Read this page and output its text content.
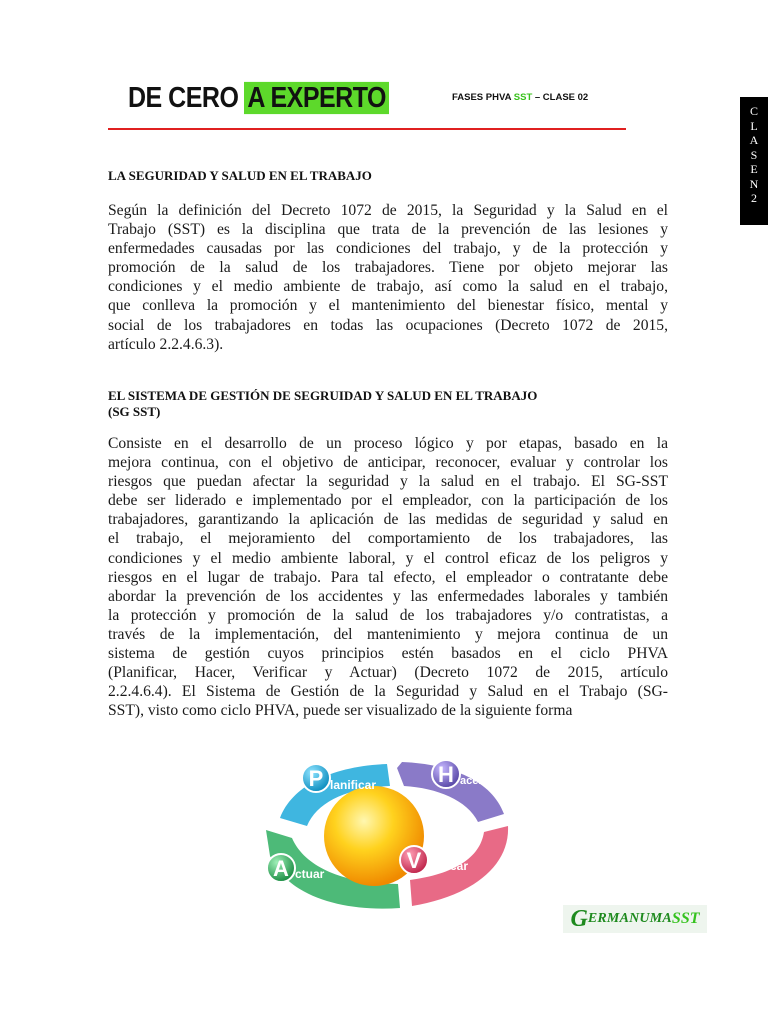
DE CERO A EXPERTO	FASES PHVA SST – CLASE 02
C
L
A
S
E
N
2
LA SEGURIDAD Y SALUD EN EL TRABAJO
Según la definición del Decreto 1072 de 2015, la Seguridad y la Salud en el
Trabajo (SST) es la disciplina que trata de la prevención de las lesiones y
enfermedades causadas por las condiciones del trabajo, y de la protección y
promoción de la salud de los trabajadores. Tiene por objeto mejorar las
condiciones y el medio ambiente de trabajo, así como la salud en el trabajo,
que conlleva la promoción y el mantenimiento del bienestar físico, mental y
social de los trabajadores en todas las ocupaciones (Decreto 1072 de 2015,
artículo 2.2.4.6.3).
EL SISTEMA DE GESTIÓN DE SEGRUIDAD Y SALUD EN EL TRABAJO
(SG SST)
Consiste en el desarrollo de un proceso lógico y por etapas, basado en la
mejora continua, con el objetivo de anticipar, reconocer, evaluar y controlar los
riesgos que puedan afectar la seguridad y la salud en el trabajo. El SG-SST
debe ser liderado e implementado por el empleador, con la participación de los
trabajadores, garantizando la aplicación de las medidas de seguridad y salud en
el trabajo, el mejoramiento del comportamiento de los trabajadores, las
condiciones y el medio ambiente laboral, y el control eficaz de los peligros y
riesgos en el lugar de trabajo. Para tal efecto, el empleador o contratante debe
abordar la prevención de los accidentes y las enfermedades laborales y también
la protección y promoción de la salud de los trabajadores y/o contratistas, a
través de la implementación, del mantenimiento y mejora continua de un
sistema de gestión cuyos principios estén basados en el ciclo PHVA
(Planificar, Hacer, Verificar y Actuar) (Decreto 1072 de 2015, artículo
2.2.4.6.4). El Sistema de Gestión de la Seguridad y Salud en el Trabajo (SG-
SST), visto como ciclo PHVA, puede ser visualizado de la siguiente forma
P lanificar	H acer
V erificar
A ctuar
G ERMANUMA SST
